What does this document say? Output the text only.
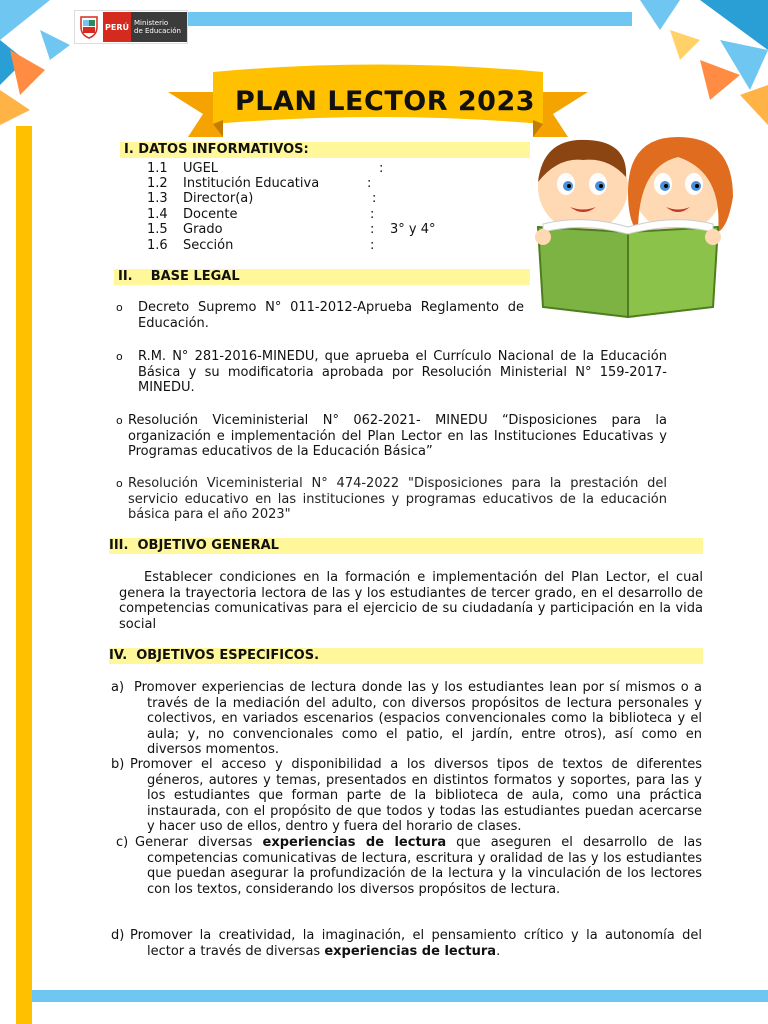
PERÚ Ministerio
de Educación
PLAN LECTOR 2023
I. DATOS INFORMATIVOS:
1.1 UGEL	:
1.2 Institución Educativa	:
1.3 Director(a)	:
1.4 Docente	:
1.5 Grado	: 3° y 4°
1.6 Sección	:
II.    BASE LEGAL
o	Decreto Supremo N° 011-2012-Aprueba Reglamento de Educación.
o	R.M. N° 281-2016-MINEDU, que aprueba el Currículo Nacional de la Educación Básica y su modificatoria aprobada por Resolución Ministerial N° 159-2017-MINEDU.
o Resolución Viceministerial N° 062-2021- MINEDU “Disposiciones para la organización e implementación del Plan Lector en las Instituciones Educativas y Programas educativos de la Educación Básica”
o Resolución Viceministerial N° 474-2022 "Disposiciones para la prestación del servicio educativo en las instituciones y programas educativos de la educación básica para el año 2023"
III.  OBJETIVO GENERAL
Establecer condiciones en la formación e implementación del Plan Lector, el cual genera la trayectoria lectora de las y los estudiantes de tercer grado, en el desarrollo de competencias comunicativas para el ejercicio de su ciudadanía y participación en la vida social
IV.  OBJETIVOS ESPECIFICOS.
a) Promover experiencias de lectura donde las y los estudiantes lean por sí mismos o a través de la mediación del adulto, con diversos propósitos de lectura personales y colectivos, en variados escenarios (espacios convencionales como la biblioteca y el aula; y, no convencionales como el patio, el jardín, entre otros), así como en diversos momentos.
b) Promover el acceso y disponibilidad a los diversos tipos de textos de diferentes géneros, autores y temas, presentados en distintos formatos y soportes, para las y los estudiantes que forman parte de la biblioteca de aula, como una práctica instaurada, con el propósito de que todos y todas las estudiantes puedan acercarse y hacer uso de ellos, dentro y fuera del horario de clases.
c) Generar diversas experiencias de lectura que aseguren el desarrollo de las competencias comunicativas de lectura, escritura y oralidad de las y los estudiantes que puedan asegurar la profundización de la lectura y la vinculación de los lectores con los textos, considerando los diversos propósitos de lectura.
d) Promover la creatividad, la imaginación, el pensamiento crítico y la autonomía del lector a través de diversas experiencias de lectura.
